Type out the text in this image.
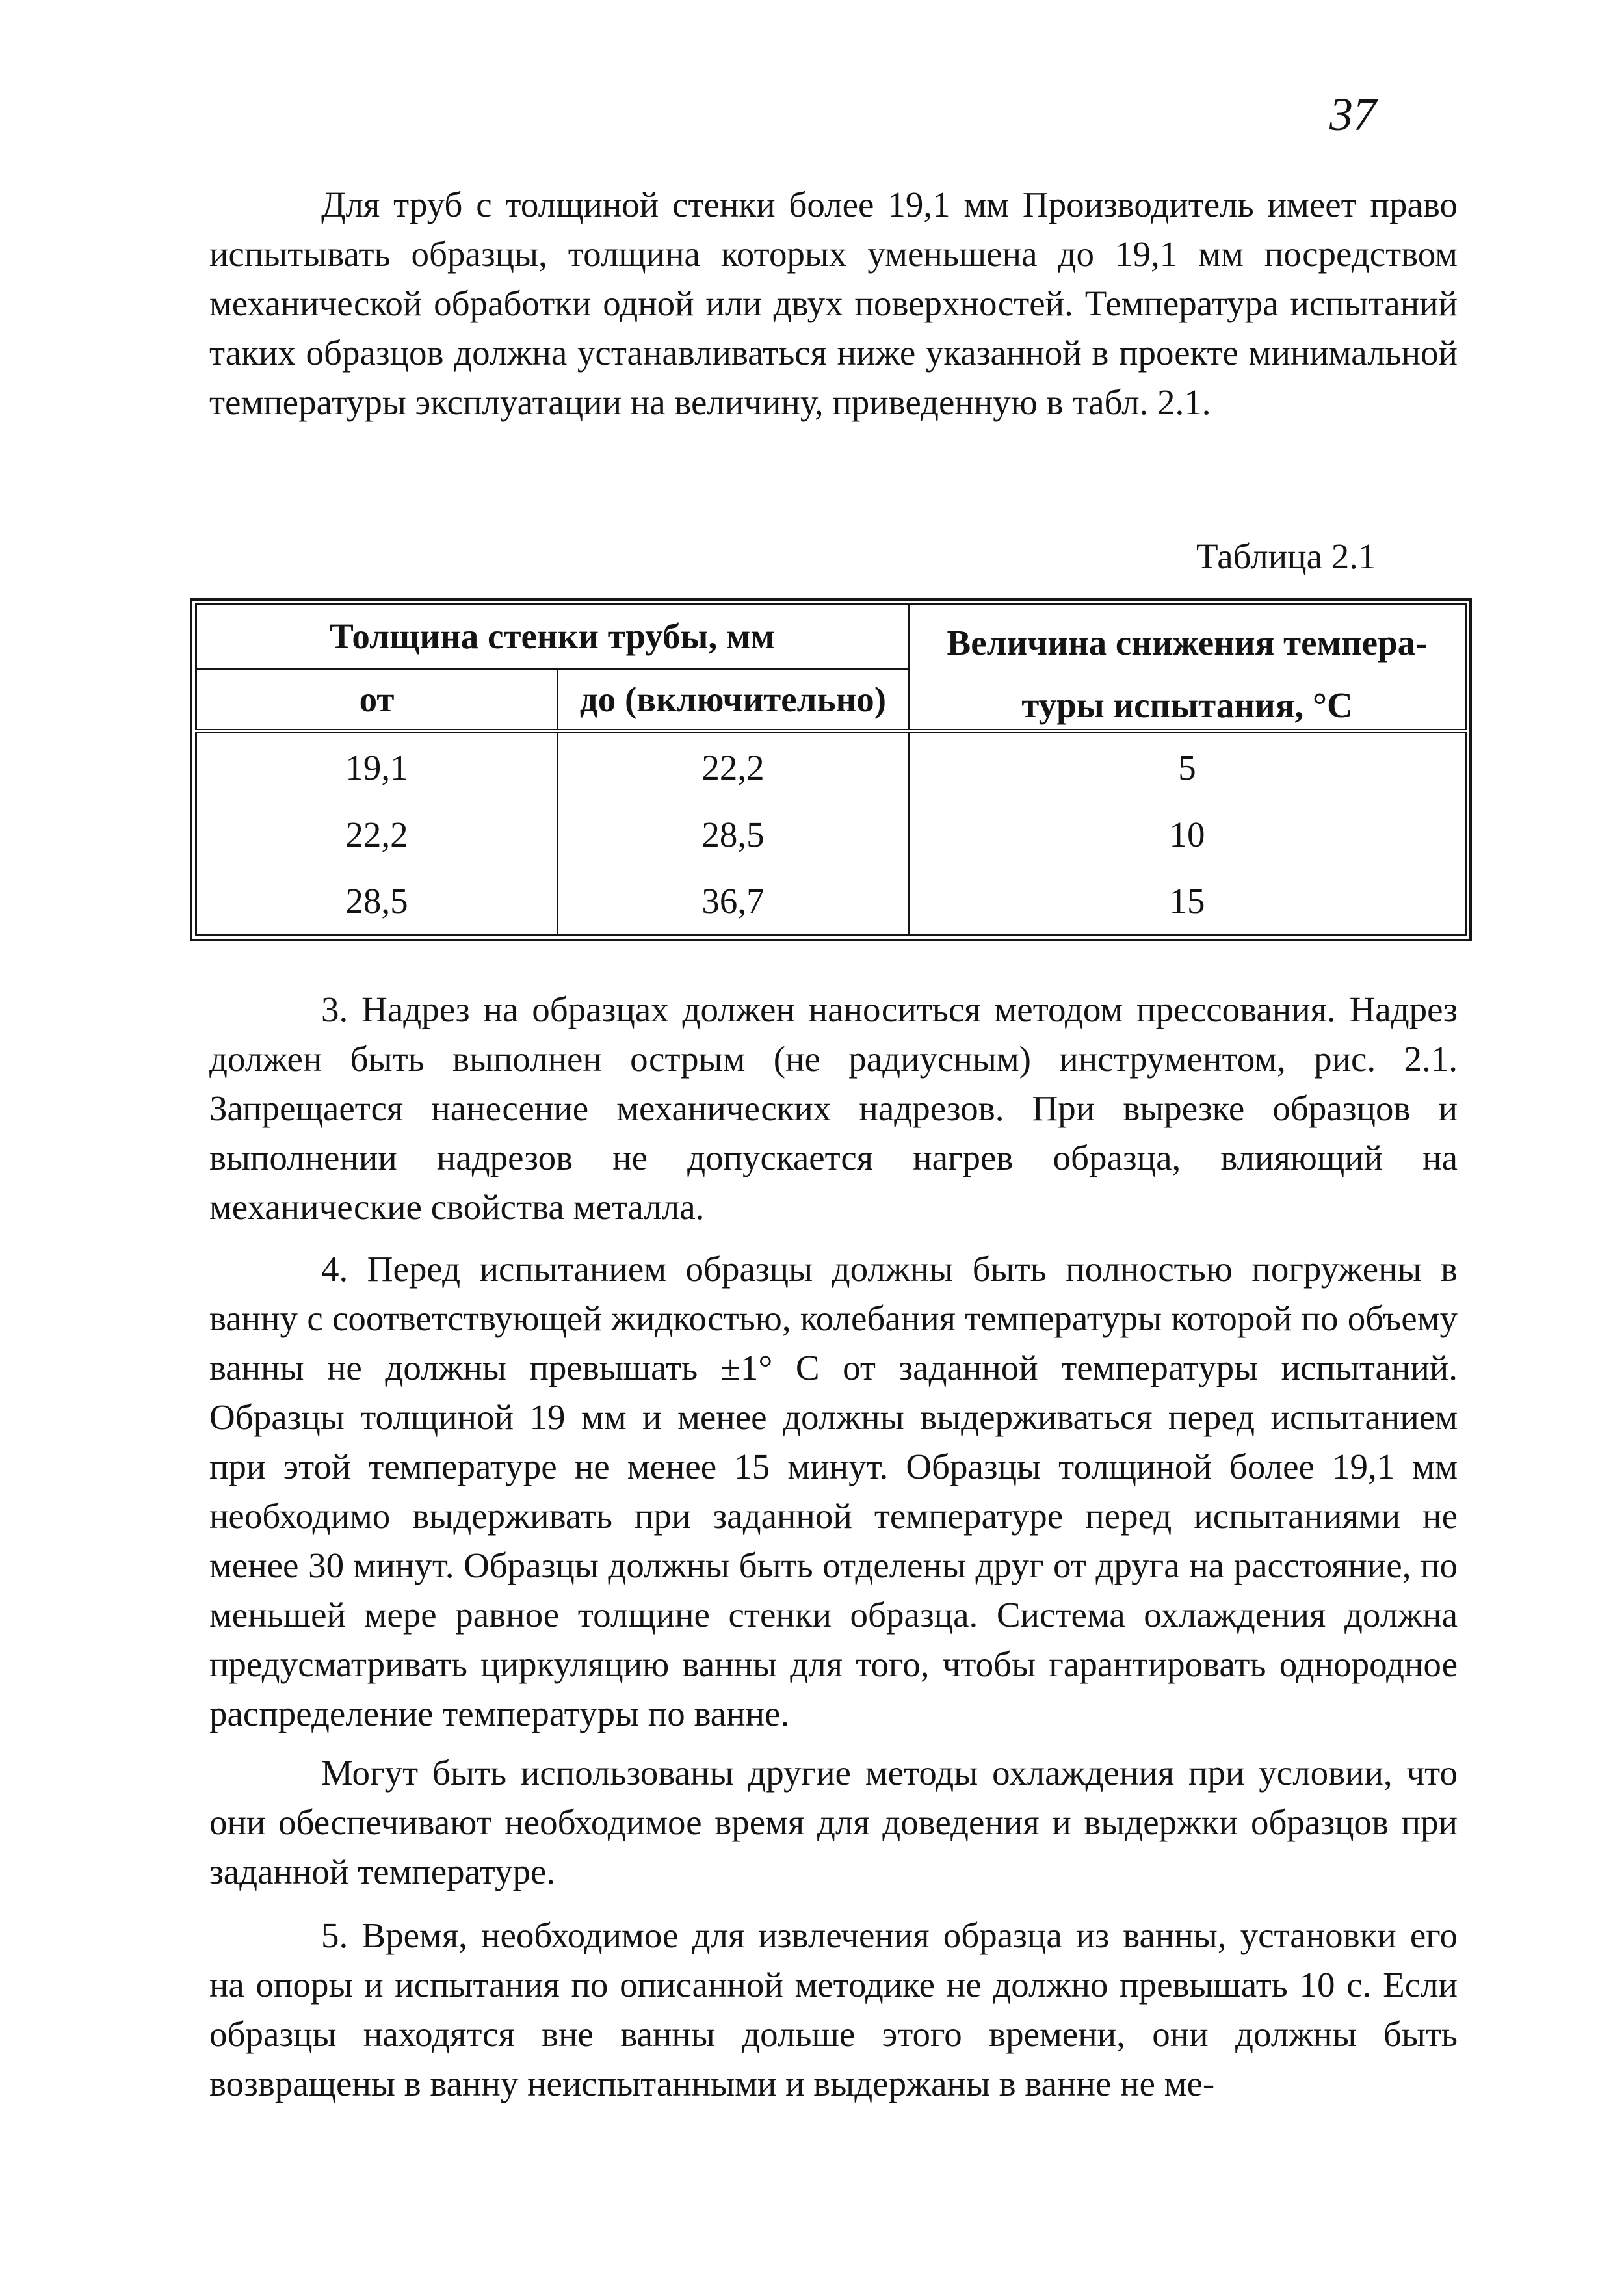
37

Для труб с толщиной стенки более 19,1 мм Производитель имеет право испытывать образцы, толщина которых уменьшена до 19,1 мм посредством механической обработки одной или двух поверхностей. Температура испытаний таких образцов должна устанавливаться ниже указанной в проекте минимальной температуры эксплуатации на величину, приведенную в табл. 2.1.

Таблица 2.1
Толщина стенки трубы, мм		Величина снижения темпера-
туры испытания, °С

от	до (включительно)	
19,1	22,2	5
22,2	28,5	10
28,5	36,7	15

3. Надрез на образцах должен наноситься методом прессования. Надрез должен быть выполнен острым (не радиусным) инструментом, рис. 2.1. Запрещается нанесение механических надрезов. При вырезке образцов и выполнении надрезов не допускается нагрев образца, влияющий на механические свойства металла.

4. Перед испытанием образцы должны быть полностью погружены в ванну с соответствующей жидкостью, колебания температуры которой по объему ванны не должны превышать ±1° С от заданной температуры испытаний. Образцы толщиной 19 мм и менее должны выдерживаться перед испытанием при этой температуре не менее 15 минут. Образцы толщиной более 19,1 мм необходимо выдерживать при заданной температуре перед испытаниями не менее 30 минут. Образцы должны быть отделены друг от друга на расстояние, по меньшей мере равное толщине стенки образца. Система охлаждения должна предусматривать циркуляцию ванны для того, чтобы гарантировать однородное распределение температуры по ванне.

Могут быть использованы другие методы охлаждения при условии, что они обеспечивают необходимое время для доведения и выдержки образцов при заданной температуре.

5. Время, необходимое для извлечения образца из ванны, установки его на опоры и испытания по описанной методике не должно превышать 10 с. Если образцы находятся вне ванны дольше этого времени, они должны быть возвращены в ванну неиспытанными и выдержаны в ванне не ме-
